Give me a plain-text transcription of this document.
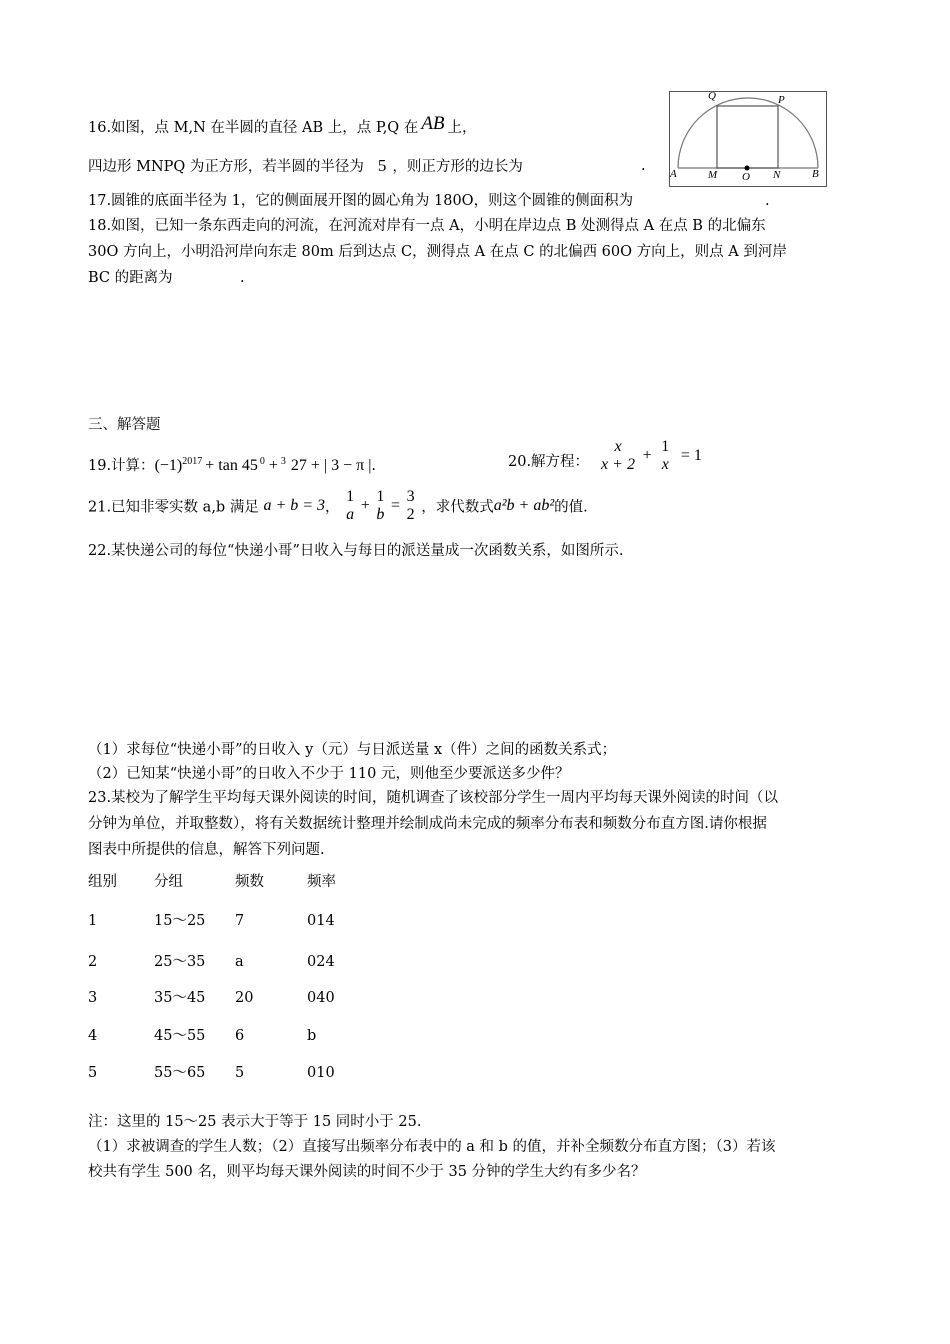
16.如图，点 M,N 在半圆的直径 AB 上，点 P,Q 在 AB 上，
四边形 MNPQ 为正方形，若半圆的半径为 5 ，则正方形的边长为	.
Q	P
A	M O N	B
17.圆锥的底面半径为 1，它的侧面展开图的圆心角为 180O，则这个圆锥的侧面积为	.
18.如图，已知一条东西走向的河流，在河流对岸有一点 A，小明在岸边点 B 处测得点 A 在点 B 的北偏东
30O 方向上，小明沿河岸向东走 80m 后到达点 C，测得点 A 在点 C 的北偏西 60O 方向上，则点 A 到河岸
BC 的距离为	.
三、解答题
19.计算：$(-1)^{2017} + \tan 45$ $^0$ + $^3$ 27 + | 3 − π |.	20.解方程：
x
x + 2
+
1
x
= 1
21.已知非零实数 a,b 满足 a + b = 3，
1
a
+
1
b
=
3
2 ，求代数式a²b + ab²的值.
22.某快递公司的每位“快递小哥”日收入与每日的派送量成一次函数关系，如图所示.
（1）求每位“快递小哥”的日收入 y（元）与日派送量 x（件）之间的函数关系式；
（2）已知某“快递小哥”的日收入不少于 110 元，则他至少要派送多少件？
23.某校为了解学生平均每天课外阅读的时间，随机调查了该校部分学生一周内平均每天课外阅读的时间（以
分钟为单位，并取整数），将有关数据统计整理并绘制成尚未完成的频率分布表和频数分布直方图.请你根据
图表中所提供的信息，解答下列问题.
组别	分组	频数	频率
1	15～25 7	014
2	25～35 a	024
3	35～45 20	040
4	45～55 6	b
5	55～65 5	010
注：这里的 15～25 表示大于等于 15 同时小于 25.
（1）求被调查的学生人数；（2）直接写出频率分布表中的 a 和 b 的值，并补全频数分布直方图；（3）若该
校共有学生 500 名，则平均每天课外阅读的时间不少于 35 分钟的学生大约有多少名？
